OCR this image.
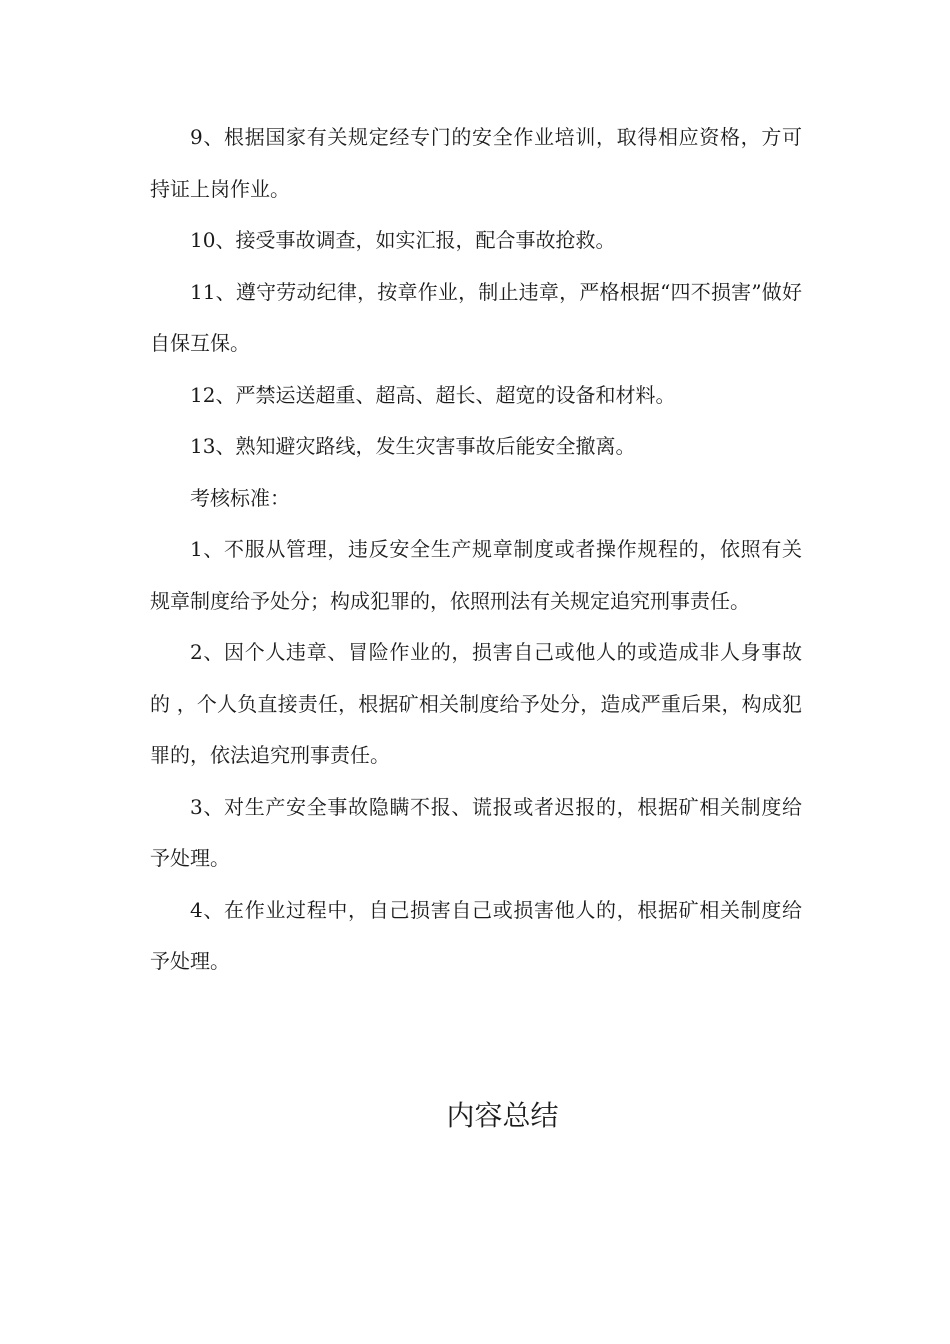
9、根据国家有关规定经专门的安全作业培训，取得相应资格，方可持证上岗作业。

10、接受事故调查，如实汇报，配合事故抢救。

11、遵守劳动纪律，按章作业，制止违章，严格根据“四不损害”做好自保互保。

12、严禁运送超重、超高、超长、超宽的设备和材料。

13、熟知避灾路线，发生灾害事故后能安全撤离。

考核标准：

1、不服从管理，违反安全生产规章制度或者操作规程的，依照有关规章制度给予处分；构成犯罪的，依照刑法有关规定追究刑事责任。

2、因个人违章、冒险作业的，损害自己或他人的或造成非人身事故的 ，个人负直接责任，根据矿相关制度给予处分，造成严重后果，构成犯罪的，依法追究刑事责任。

3、对生产安全事故隐瞒不报、谎报或者迟报的，根据矿相关制度给予处理。

4、在作业过程中，自己损害自己或损害他人的，根据矿相关制度给予处理。

内容总结
